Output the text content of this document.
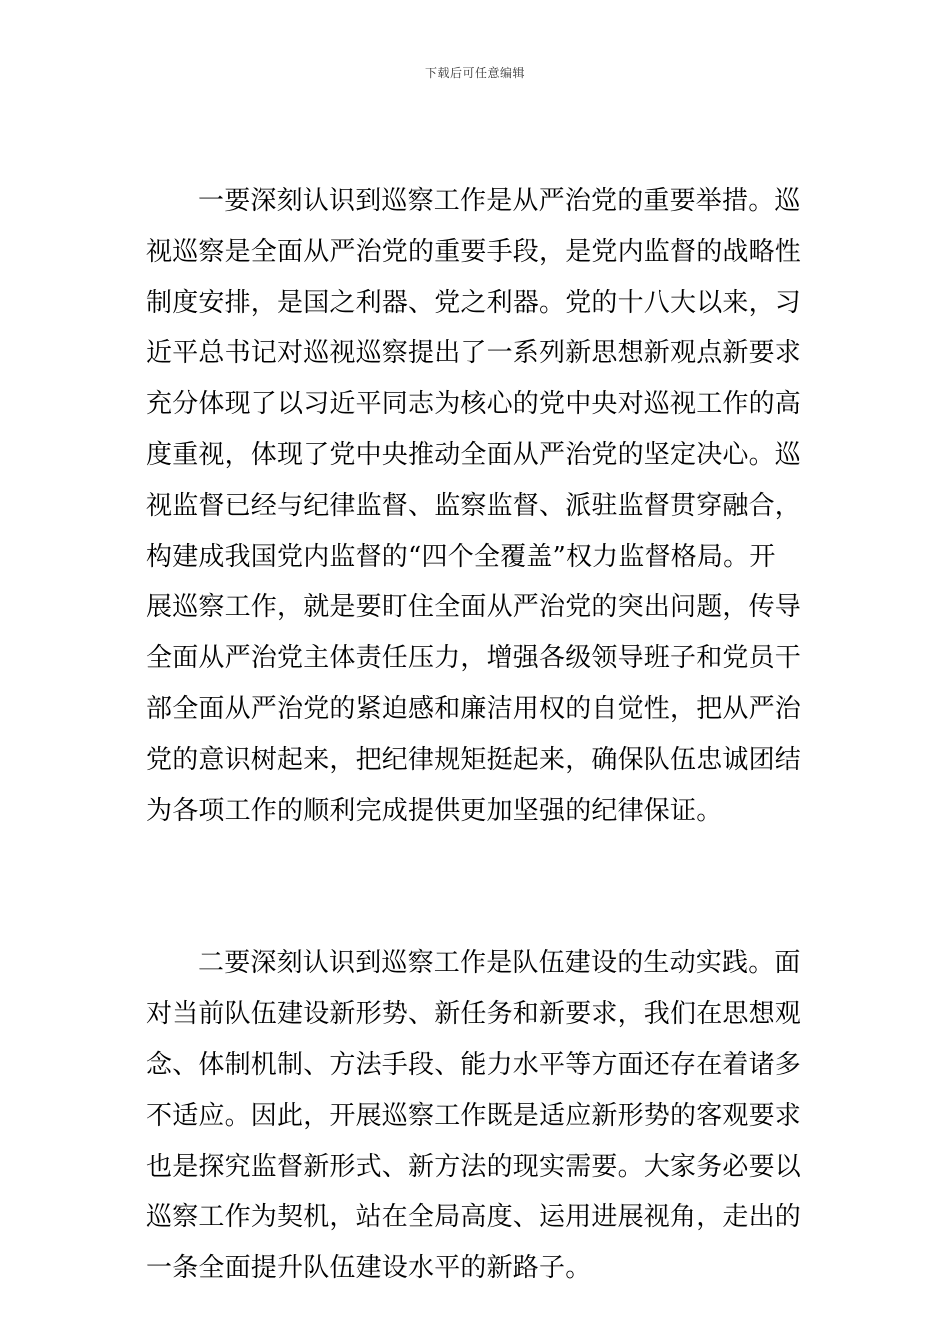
下载后可任意编辑
一要深刻认识到巡察工作是从严治党的重要举措。巡
视巡察是全面从严治党的重要手段，是党内监督的战略性
制度安排，是国之利器、党之利器。党的十八大以来，习
近平总书记对巡视巡察提出了一系列新思想新观点新要求
充分体现了以习近平同志为核心的党中央对巡视工作的高
度重视，体现了党中央推动全面从严治党的坚定决心。巡
视监督已经与纪律监督、监察监督、派驻监督贯穿融合，
构建成我国党内监督的“四个全覆盖”权力监督格局。开
展巡察工作，就是要盯住全面从严治党的突出问题，传导
全面从严治党主体责任压力，增强各级领导班子和党员干
部全面从严治党的紧迫感和廉洁用权的自觉性，把从严治
党的意识树起来，把纪律规矩挺起来，确保队伍忠诚团结
为各项工作的顺利完成提供更加坚强的纪律保证。
二要深刻认识到巡察工作是队伍建设的生动实践。面
对当前队伍建设新形势、新任务和新要求，我们在思想观
念、体制机制、方法手段、能力水平等方面还存在着诸多
不适应。因此，开展巡察工作既是适应新形势的客观要求
也是探究监督新形式、新方法的现实需要。大家务必要以
巡察工作为契机，站在全局高度、运用进展视角，走出的
一条全面提升队伍建设水平的新路子。
